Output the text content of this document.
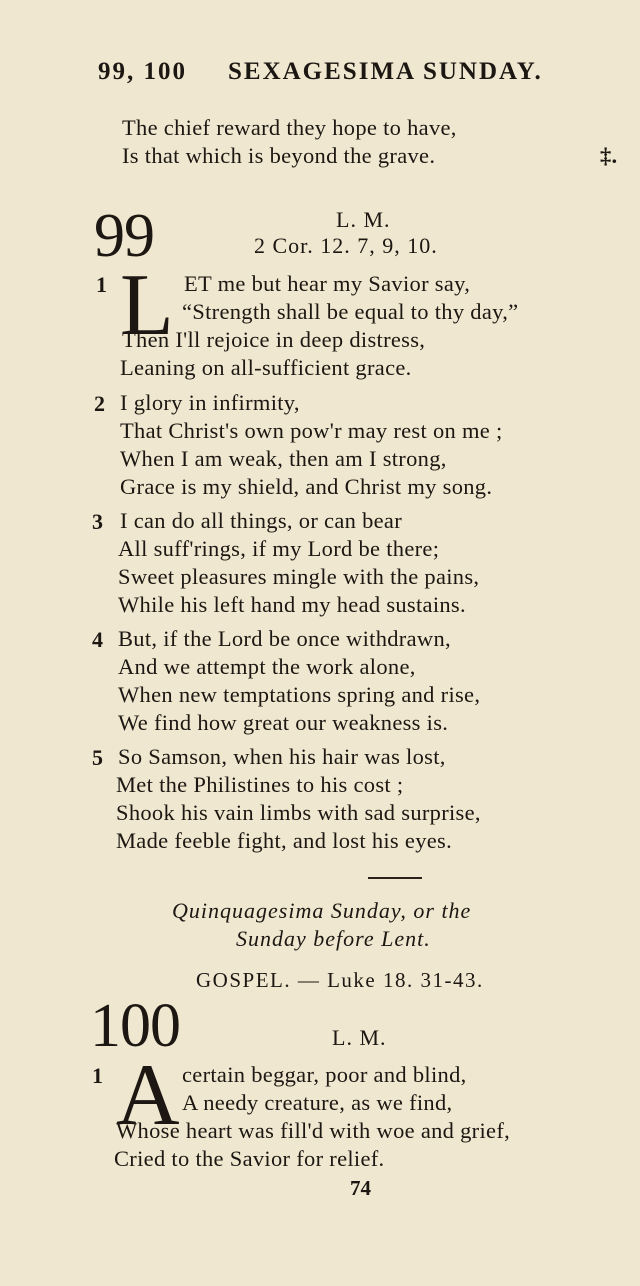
99, 100 SEXAGESIMA SUNDAY.
The chief reward they hope to have,
Is that which is beyond the grave.	‡.
99	L. M.
2 Cor. 12. 7, 9, 10.
1 L ET me but hear my Savior say,
“Strength shall be equal to thy day,”
Then I'll rejoice in deep distress,
Leaning on all-sufficient grace.
2 I glory in infirmity,
That Christ's own pow'r may rest on me ;
When I am weak, then am I strong,
Grace is my shield, and Christ my song.
3 I can do all things, or can bear
All suff'rings, if my Lord be there;
Sweet pleasures mingle with the pains,
While his left hand my head sustains.
4 But, if the Lord be once withdrawn,
And we attempt the work alone,
When new temptations spring and rise,
We find how great our weakness is.
5 So Samson, when his hair was lost,
Met the Philistines to his cost ;
Shook his vain limbs with sad surprise,
Made feeble fight, and lost his eyes.
Quinquagesima Sunday, or the
Sunday before Lent.
GOSPEL. — Luke 18. 31-43.
100	L. M.
1 A certain beggar, poor and blind,
A needy creature, as we find,
Whose heart was fill'd with woe and grief,
Cried to the Savior for relief.
74
